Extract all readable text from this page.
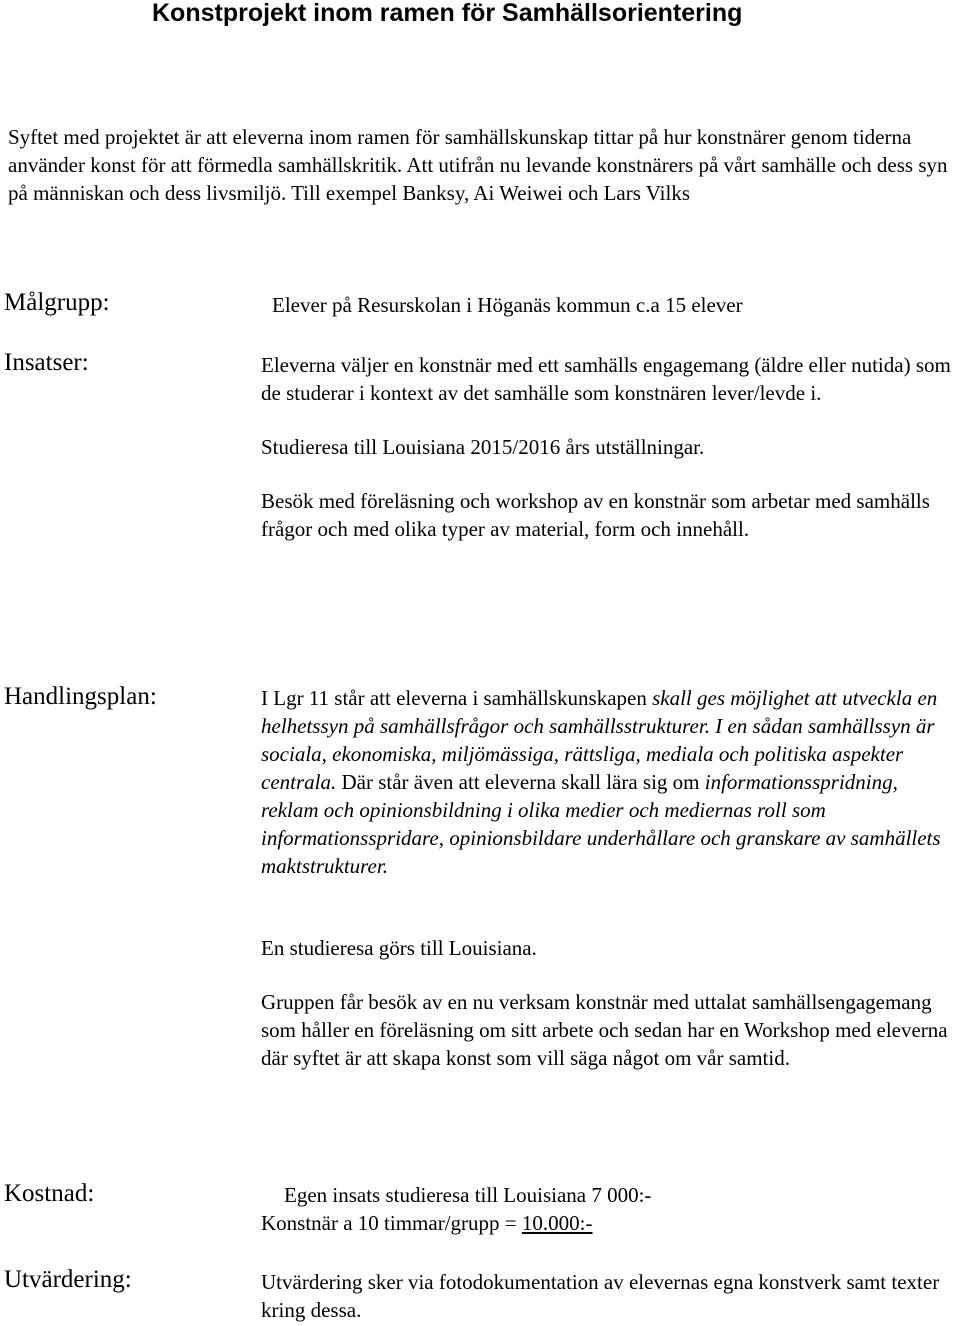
Konstprojekt inom ramen för Samhällsorientering
Syftet med projektet är att eleverna inom ramen för samhällskunskap tittar på hur konstnärer genom tiderna använder konst för att förmedla samhällskritik. Att utifrån nu levande konstnärers på vårt samhälle och dess syn på människan och dess livsmiljö. Till exempel Banksy, Ai Weiwei och Lars Vilks
Målgrupp:	Elever på Resurskolan i Höganäs kommun c.a 15 elever
Insatser:	Eleverna väljer en konstnär med ett samhälls engagemang (äldre eller nutida) som de studerar i kontext av det samhälle som konstnären lever/levde i.

Studieresa till Louisiana 2015/2016 års utställningar.

Besök med föreläsning och workshop av en konstnär som arbetar med samhälls frågor och med olika typer av material, form och innehåll.

Handlingsplan:	I Lgr 11 står att eleverna i samhällskunskapen skall ges möjlighet att utveckla en helhetssyn på samhällsfrågor och samhällsstrukturer. I en sådan samhällssyn är sociala, ekonomiska, miljömässiga, rättsliga, mediala och politiska aspekter centrala. Där står även att eleverna skall lära sig om informationsspridning, reklam och opinionsbildning i olika medier och mediernas roll som informationsspridare, opinionsbildare underhållare och granskare av samhällets maktstrukturer.

En studieresa görs till Louisiana.

Gruppen får besök av en nu verksam konstnär med uttalat samhällsengagemang som håller en föreläsning om sitt arbete och sedan har en Workshop med eleverna där syftet är att skapa konst som vill säga något om vår samtid.

Kostnad:	Egen insats studieresa till Louisiana 7 000:-
Konstnär a 10 timmar/grupp = 10.000:-
Utvärdering:	Utvärdering sker via fotodokumentation av elevernas egna konstverk samt texter kring dessa.
